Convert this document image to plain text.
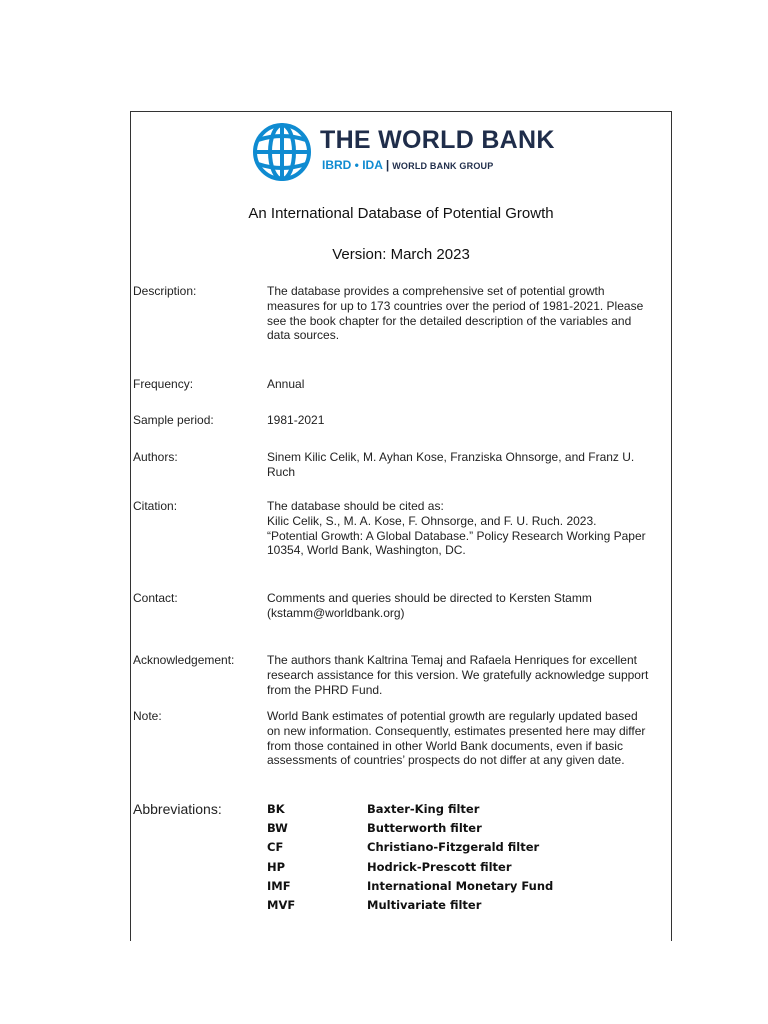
THE WORLD BANK
IBRD • IDA | WORLD BANK GROUP
An International Database of Potential Growth
Version: March 2023
Description:	The database provides a comprehensive set of potential growth
measures for up to 173 countries over the period of 1981-2021. Please
see the book chapter for the detailed description of the variables and
data sources.
Frequency:	Annual
Sample period:	1981-2021
Authors:	Sinem Kilic Celik, M. Ayhan Kose, Franziska Ohnsorge, and Franz U.
Ruch
Citation:	The database should be cited as:
Kilic Celik, S., M. A. Kose, F. Ohnsorge, and F. U. Ruch. 2023.
“Potential Growth: A Global Database.” Policy Research Working Paper
10354, World Bank, Washington, DC.
Contact:	Comments and queries should be directed to Kersten Stamm
(kstamm@worldbank.org)
Acknowledgement:	The authors thank Kaltrina Temaj and Rafaela Henriques for excellent
research assistance for this version. We gratefully acknowledge support
from the PHRD Fund.
Note:	World Bank estimates of potential growth are regularly updated based
on new information. Consequently, estimates presented here may differ
from those contained in other World Bank documents, even if basic
assessments of countries’ prospects do not differ at any given date.
Abbreviations:	BK	Baxter-King filter
BW	Butterworth filter
CF	Christiano-Fitzgerald filter
HP	Hodrick-Prescott filter
IMF	International Monetary Fund
MVF	Multivariate filter
